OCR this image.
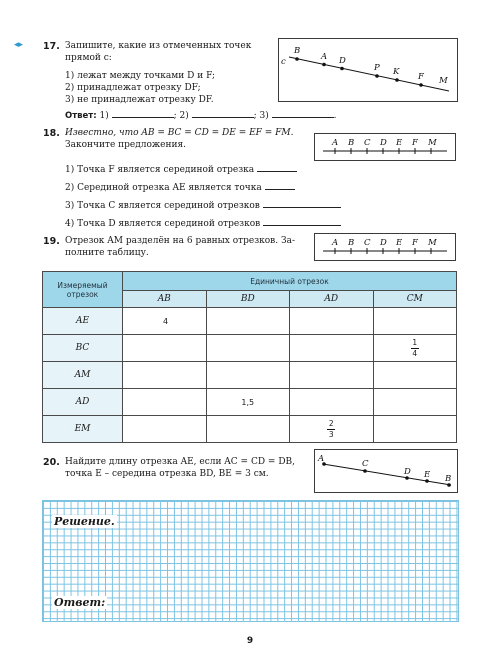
◂▸ 17. Запишите, какие из отмеченных точек
прямой c:
1) лежат между точками D и F;
2) принадлежат отрезку DF;
3) не принадлежат отрезку DF.
Ответ: 1)	; 2)	; 3)	.
c
B
A D
P K F M
18. Известно, что AB = BC = CD = DE = EF = FM.
Закончите предложения.	A B C D E F M
1) Точка F является серединой отрезка
2) Серединой отрезка AE является точка
3) Точка C является серединой отрезков
4) Точка D является серединой отрезков
19. Отрезок AM разделён на 6 равных отрезков. За-
полните таблицу.
A B C D E F M
Измеряемый отрезок	Единичный отрезок			
	AB	BD	AD	CM
AE	4			
BC				$\frac{1}{4}$

AM				
AD		1,5		
EM			$\frac{2}{3}$

20. Найдите длину отрезка AE, если AC = CD = DB,
точка E – середина отрезка BD, BE = 3 см.
A	C
D E B
Решение.
Ответ:
9
